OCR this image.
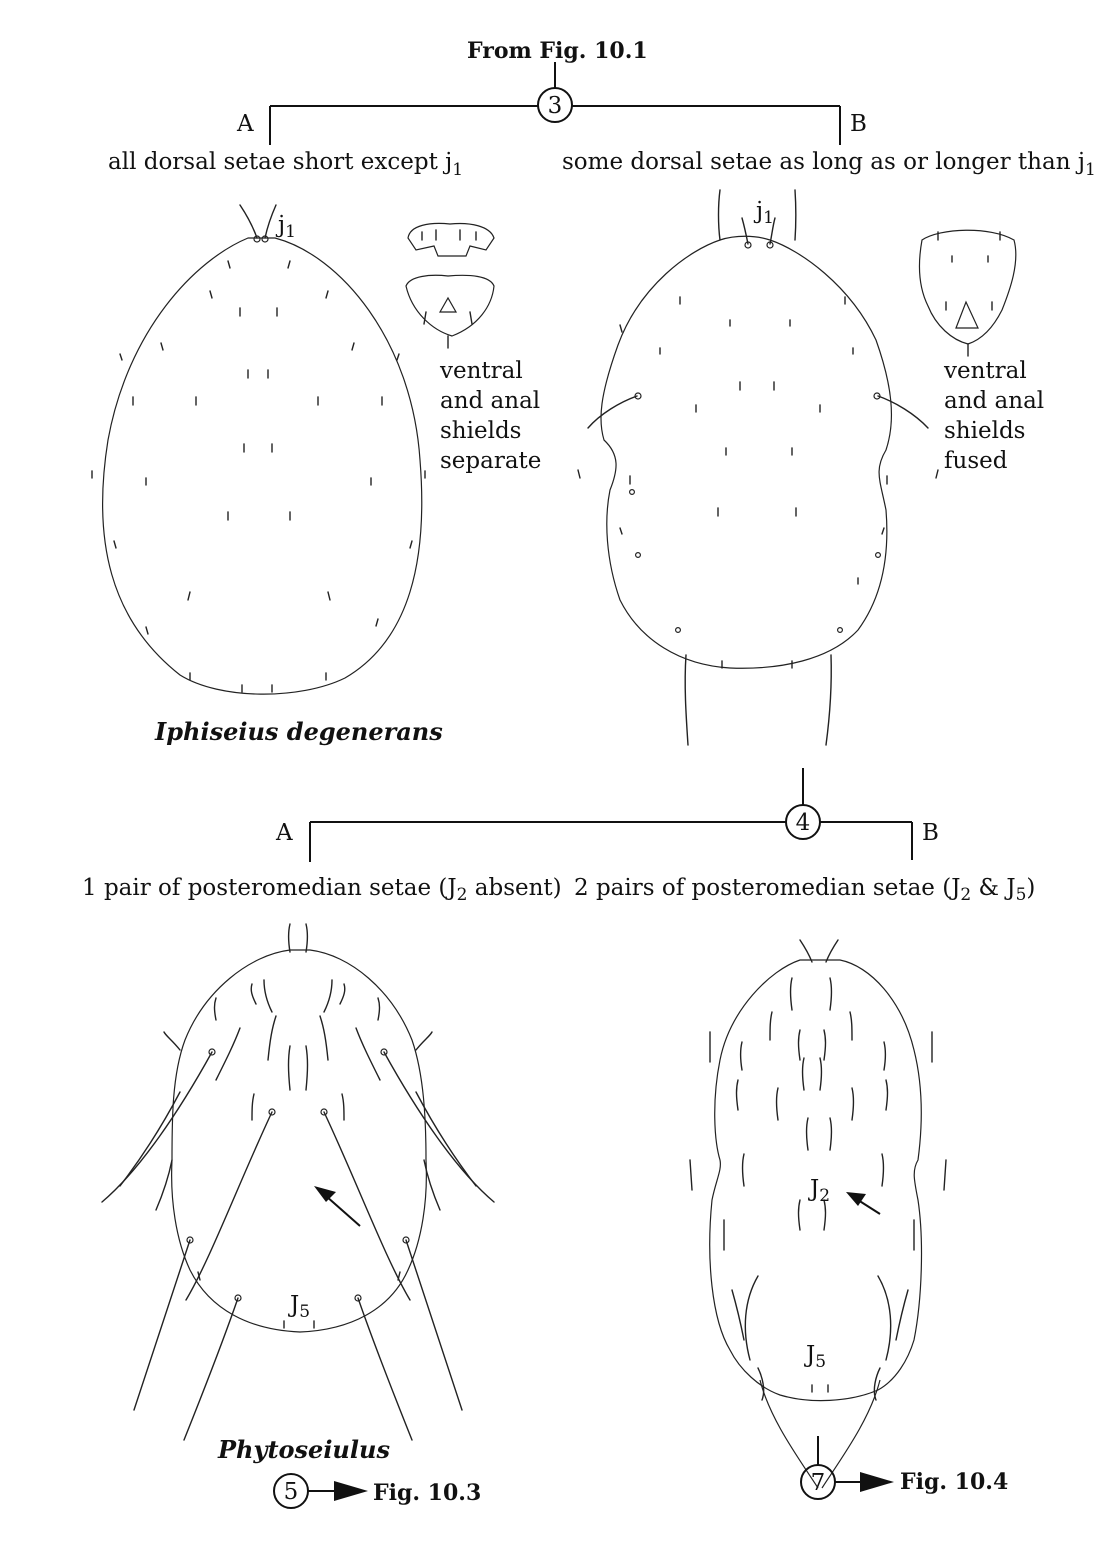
From Fig. 10.1
3
A	B
all dorsal setae short except $j_1$	some dorsal setae as long as or longer than $j_1$
$j_1$
ventral
and anal
shields
separate
Iphiseius degenerans
$j_1$
ventral
and anal
shields
fused
4
A	B
1 pair of posteromedian setae ($J_2$ absent) 2 pairs of posteromedian setae ($J_2$ & $J_5$)
$J_5$
Phytoseiulus
$J_2$
$J_5$
5	Fig. 10.3	7	Fig. 10.4
